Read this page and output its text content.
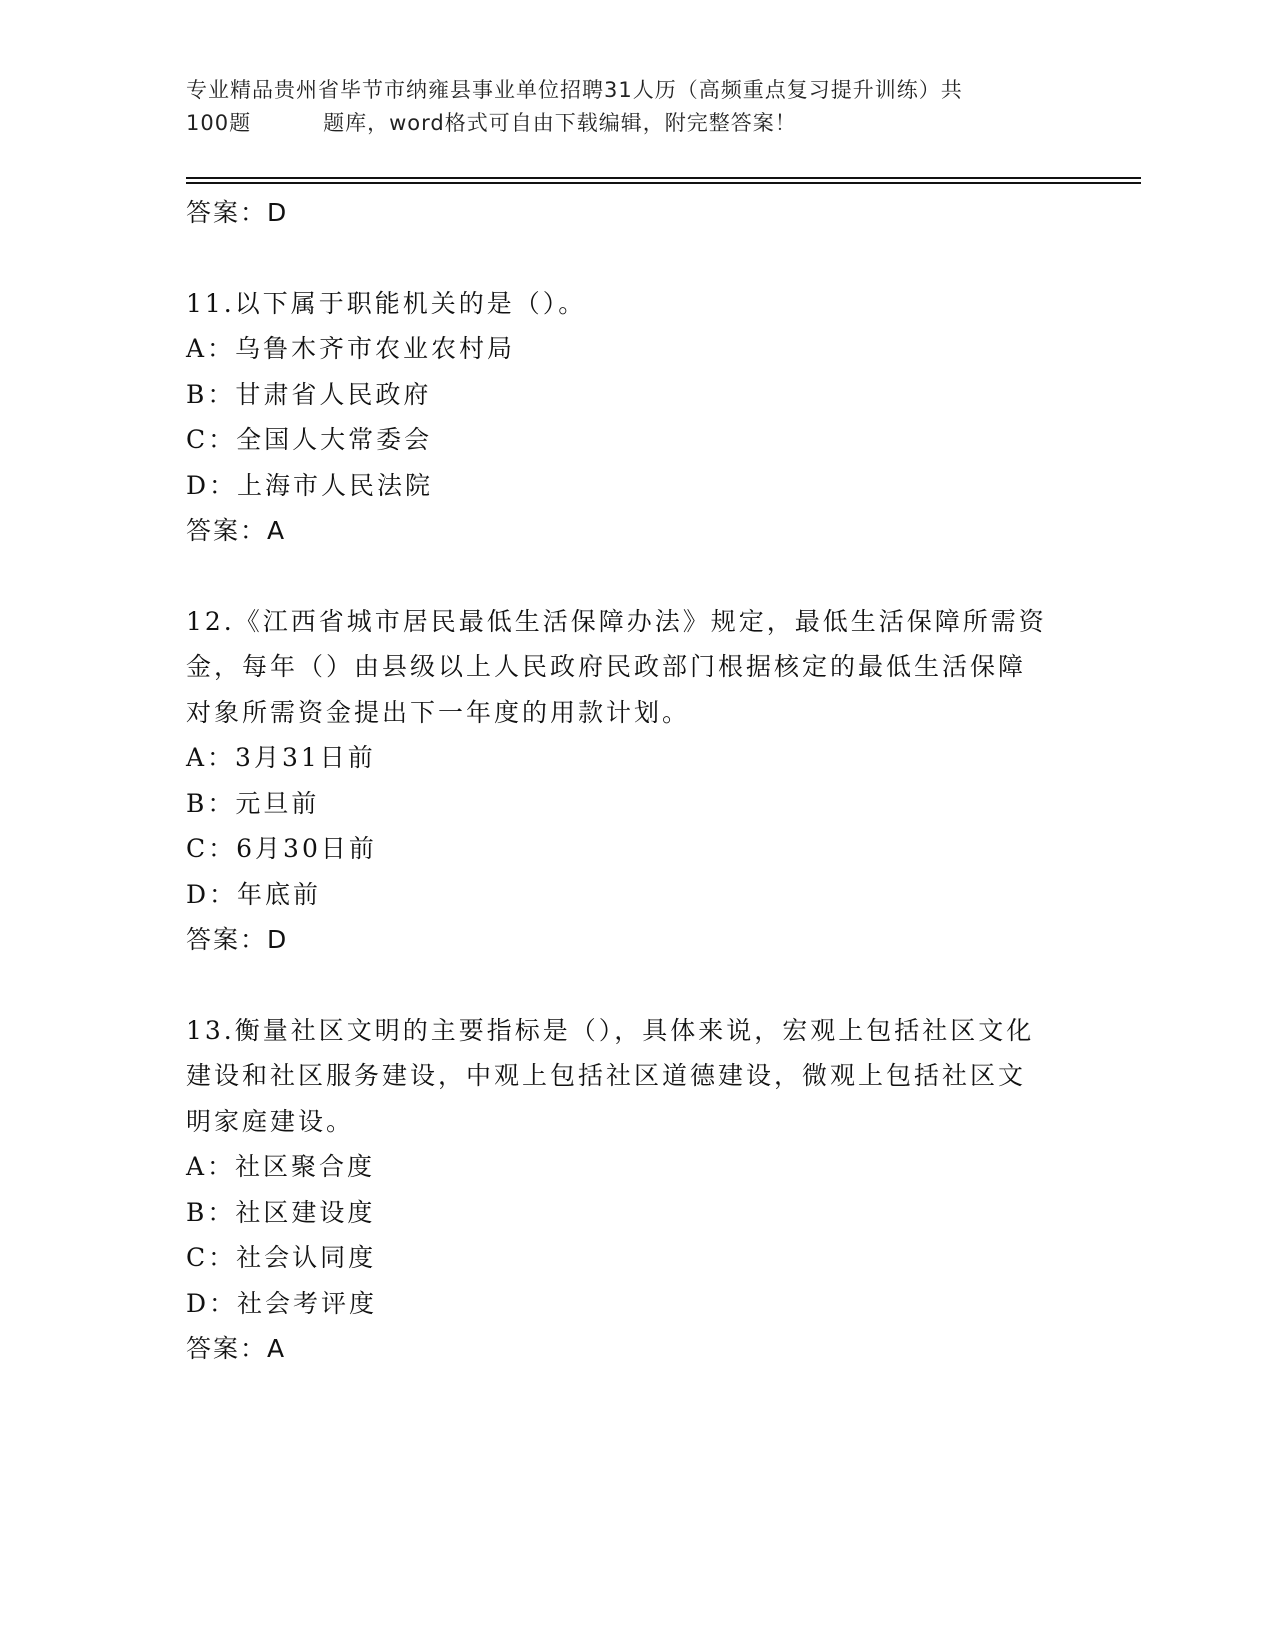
专业精品贵州省毕节市纳雍县事业单位招聘31人历（高频重点复习提升训练）共
100题	题库，word格式可自由下载编辑，附完整答案！
答案：D
11.以下属于职能机关的是（）。
A：乌鲁木齐市农业农村局
B：甘肃省人民政府
C：全国人大常委会
D：上海市人民法院
答案：A
12.《江西省城市居民最低生活保障办法》规定，最低生活保障所需资
金，每年（）由县级以上人民政府民政部门根据核定的最低生活保障
对象所需资金提出下一年度的用款计划。
A：3月31日前
B：元旦前
C：6月30日前
D：年底前
答案：D
13.衡量社区文明的主要指标是（），具体来说，宏观上包括社区文化
建设和社区服务建设，中观上包括社区道德建设，微观上包括社区文
明家庭建设。
A：社区聚合度
B：社区建设度
C：社会认同度
D：社会考评度
答案：A
